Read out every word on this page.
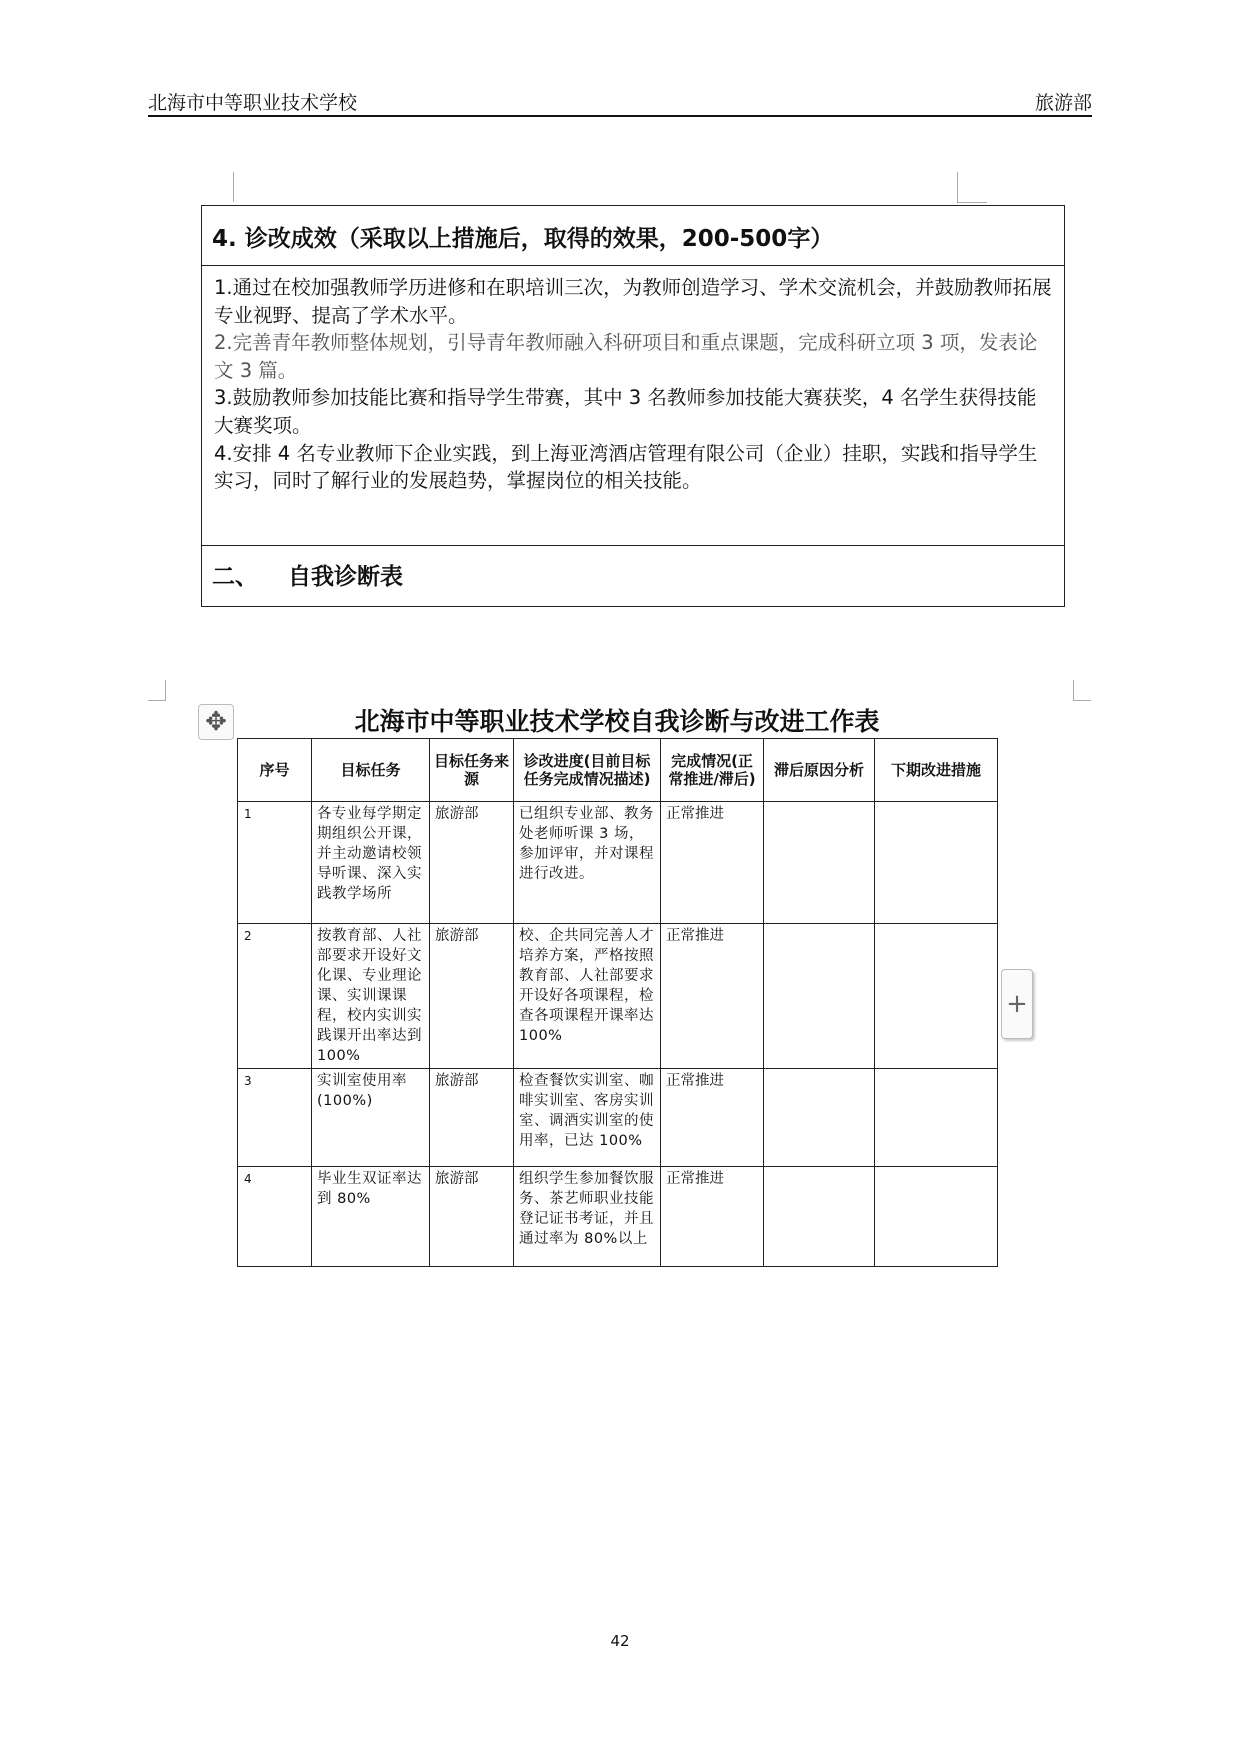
北海市中等职业技术学校	旅游部
4. 诊改成效（采取以上措施后，取得的效果，200-500字）

1.通过在校加强教师学历进修和在职培训三次，为教师创造学习、学术交流机会，并鼓励教师拓展专业视野、提高了学术水平。

2.完善青年教师整体规划，引导青年教师融入科研项目和重点课题，完成科研立项 3 项，发表论文 3 篇。

3.鼓励教师参加技能比赛和指导学生带赛，其中 3 名教师参加技能大赛获奖，4 名学生获得技能大赛奖项。

4.安排 4 名专业教师下企业实践，到上海亚湾酒店管理有限公司（企业）挂职，实践和指导学生实习，同时了解行业的发展趋势，掌握岗位的相关技能。

二、 自我诊断表
✥	北海市中等职业技术学校自我诊断与改进工作表
序号	目标任务	目标任务来源	诊改进度(目前目标任务完成情况描述)	完成情况(正常推进/滞后)	滞后原因分析	下期改进措施
1	各专业每学期定期组织公开课，并主动邀请校领导听课、深入实践教学场所	旅游部	已组织专业部、教务处老师听课 3 场，参加评审，并对课程进行改进。	正常推进		
2	按教育部、人社部要求开设好文化课、专业理论课、实训课课程，校内实训实践课开出率达到 100%	旅游部	校、企共同完善人才培养方案，严格按照教育部、人社部要求开设好各项课程，检查各项课程开课率达 100%	正常推进		
3	实训室使用率(100%)	旅游部	检查餐饮实训室、咖啡实训室、客房实训室、调酒实训室的使用率，已达 100%	正常推进		
4	毕业生双证率达到 80%	旅游部	组织学生参加餐饮服务、茶艺师职业技能登记证书考证，并且通过率为 80%以上	正常推进		
+
42
